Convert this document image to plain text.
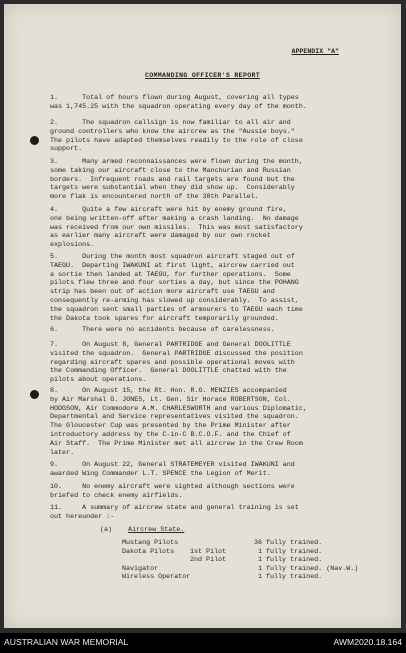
APPENDIX "A"
COMMANDING OFFICER'S REPORT
1.      Total of hours flown during August, covering all types
was 1,745.25 with the squadron operating every day of the month.
2.      The squadron callsign is now familiar to all air and
ground controllers who know the aircrew as the "Aussie boys."
The pilots have adapted themselves readily to the role of close
support.
3.      Many armed reconnaissances were flown during the month,
some taking our aircraft close to the Manchurian and Russian
borders.  Infrequent roads and rail targets are found but the
targets were substantial when they did show up.  Considerably
more flak is encountered north of the 38th Parallel.
4.      Quite a few aircraft were hit by enemy ground fire,
one being written-off after making a crash landing.  No damage
was received from our own missiles.  This was most satisfactory
as earlier many aircraft were damaged by our own rocket
explosions.
5.      During the month most squadron aircraft staged out of
TAEGU.  Departing IWAKUNI at first light, aircrew carried out
a sortie then landed at TAEGU, for further operations.  Some
pilots flew three and four sorties a day, but since the POHANG
strip has been out of action more aircraft use TAEGU and
consequently re-arming has slowed up considerably.  To assist,
the squadron sent small parties of armourers to TAEGU each time
the Dakota took spares for aircraft temporarily grounded.
6.      There were no accidents because of carelessness.
7.      On August 8, General PARTRIDGE and General DOOLITTLE
visited the squadron.  General PARTRIDGE discussed the position
regarding aircraft spares and possible operational moves with
the Commanding Officer.  General DOOLITTLE chatted with the
pilots about operations.
8.      On August 15, the Rt. Hon. R.G. MENZIES accompanied
by Air Marshal G. JONES, Lt. Gen. Sir Horace ROBERTSON, Col.
HODGSON, Air Commodore A.M. CHARLESWORTH and various Diplomatic,
Departmental and Service representatives visited the squadron.
The Gloucester Cup was presented by the Prime Minister after
introductory address by the C-in-C B.C.O.F. and the Chief of
Air Staff.  The Prime Minister met all aircrew in the Crew Room
later.
9.      On August 22, General STRATEMEYER visited IWAKUNI and
awarded Wing Commander L.T. SPENCE the Legion of Merit.
10.     No enemy aircraft were sighted although sections were
briefed to check enemy airfields.
11.     A summary of aircrew state and general training is set
out hereunder :-
(a) Aircrew State.
Mustang Pilots	36 fully trained.
Dakota Pilots	1st Pilot	1 fully trained.
2nd Pilot	1 fully trained.
Navigator	1 fully trained. (Nav.W.)
Wireless Operator	1 fully trained.
AUSTRALIAN WAR MEMORIAL	AWM2020.18.164
